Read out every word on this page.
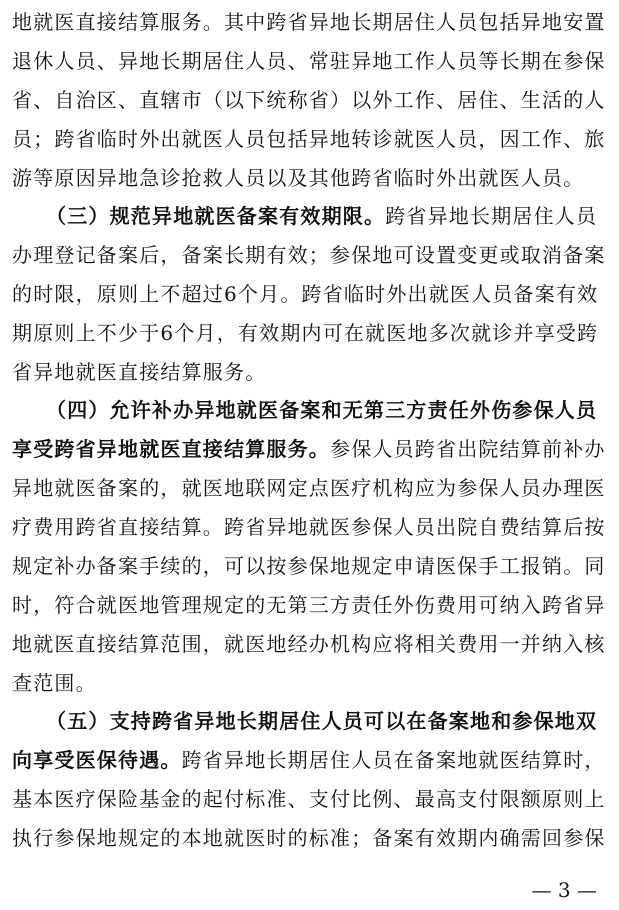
地就医直接结算服务。其中跨省异地长期居住人员包括异地安置
退休人员、异地长期居住人员、常驻异地工作人员等长期在参保
省、自治区、直辖市（以下统称省）以外工作、居住、生活的人
员；跨省临时外出就医人员包括异地转诊就医人员，因工作、旅
游等原因异地急诊抢救人员以及其他跨省临时外出就医人员。
（三）规范异地就医备案有效期限。跨省异地长期居住人员
办理登记备案后，备案长期有效；参保地可设置变更或取消备案
的时限，原则上不超过6个月。跨省临时外出就医人员备案有效
期原则上不少于6个月，有效期内可在就医地多次就诊并享受跨
省异地就医直接结算服务。
（四）允许补办异地就医备案和无第三方责任外伤参保人员
享受跨省异地就医直接结算服务。参保人员跨省出院结算前补办
异地就医备案的，就医地联网定点医疗机构应为参保人员办理医
疗费用跨省直接结算。跨省异地就医参保人员出院自费结算后按
规定补办备案手续的，可以按参保地规定申请医保手工报销。同
时，符合就医地管理规定的无第三方责任外伤费用可纳入跨省异
地就医直接结算范围，就医地经办机构应将相关费用一并纳入核
查范围。
（五）支持跨省异地长期居住人员可以在备案地和参保地双
向享受医保待遇。跨省异地长期居住人员在备案地就医结算时，
基本医疗保险基金的起付标准、支付比例、最高支付限额原则上
执行参保地规定的本地就医时的标准；备案有效期内确需回参保
— 3 —
